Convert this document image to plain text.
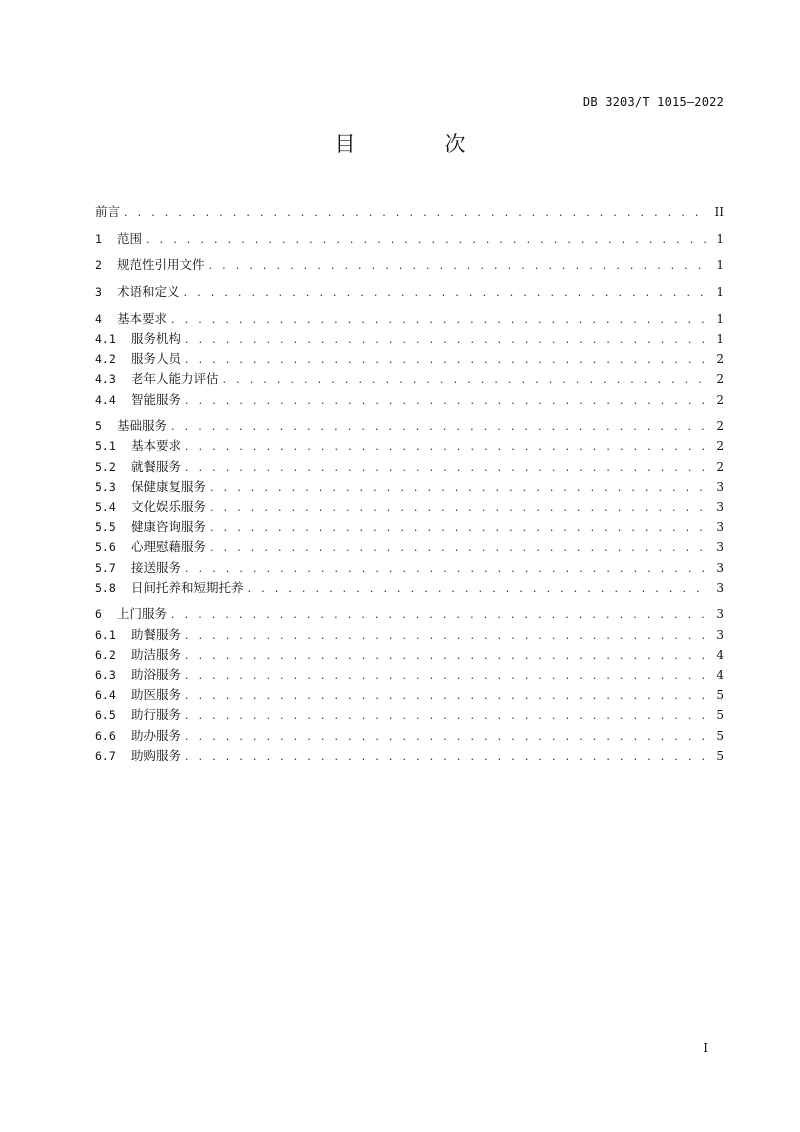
DB 3203/T 1015—2022
目　次
前言 . . .	II
1	范围 . . .	1
2	规范性引用文件 . . .	1
3	术语和定义 . . .	1
4	基本要求 . . .	1
4.1	服务机构 . . .	1
4.2	服务人员 . . .	2
4.3	老年人能力评估 . . .	2
4.4	智能服务 . . .	2
5	基础服务 . . .	2
5.1	基本要求 . . .	2
5.2	就餐服务 . . .	2
5.3	保健康复服务 . . .	3
5.4	文化娱乐服务 . . .	3
5.5	健康咨询服务 . . .	3
5.6	心理慰藉服务 . . .	3
5.7	接送服务 . . .	3
5.8	日间托养和短期托养 . . .	3
6	上门服务 . . .	3
6.1	助餐服务 . . .	3
6.2	助洁服务 . . .	4
6.3	助浴服务 . . .	4
6.4	助医服务 . . .	5
6.5	助行服务 . . .	5
6.6	助办服务 . . .	5
6.7	助购服务 . . .	5
I
